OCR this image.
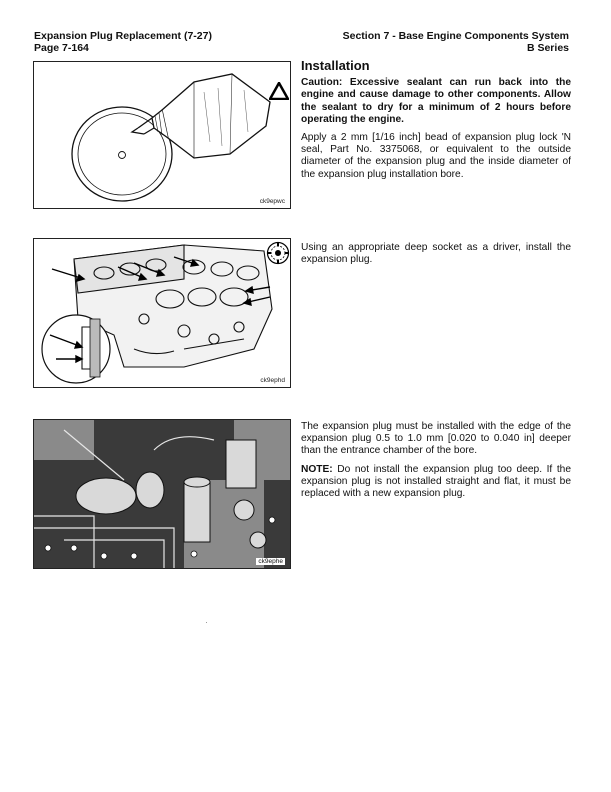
Expansion Plug Replacement (7-27)
Page 7-164
Section 7 - Base Engine Components System
B Series
ck9epwc
ck9ephd
ck9ephe
Installation

Caution: Excessive sealant can run back into the engine and cause damage to other components. Allow the sealant to dry for a minimum of 2 hours before operating the engine.

Apply a 2 mm [1/16 inch] bead of expansion plug lock 'N seal, Part No. 3375068, or equivalent to the outside diameter of the expansion plug and the inside diameter of the expansion plug installation bore.

Using an appropriate deep socket as a driver, install the expansion plug.

The expansion plug must be installed with the edge of the expansion plug 0.5 to 1.0 mm [0.020 to 0.040 in] deeper than the entrance chamber of the bore.

NOTE: Do not install the expansion plug too deep. If the expansion plug is not installed straight and flat, it must be replaced with a new expansion plug.
